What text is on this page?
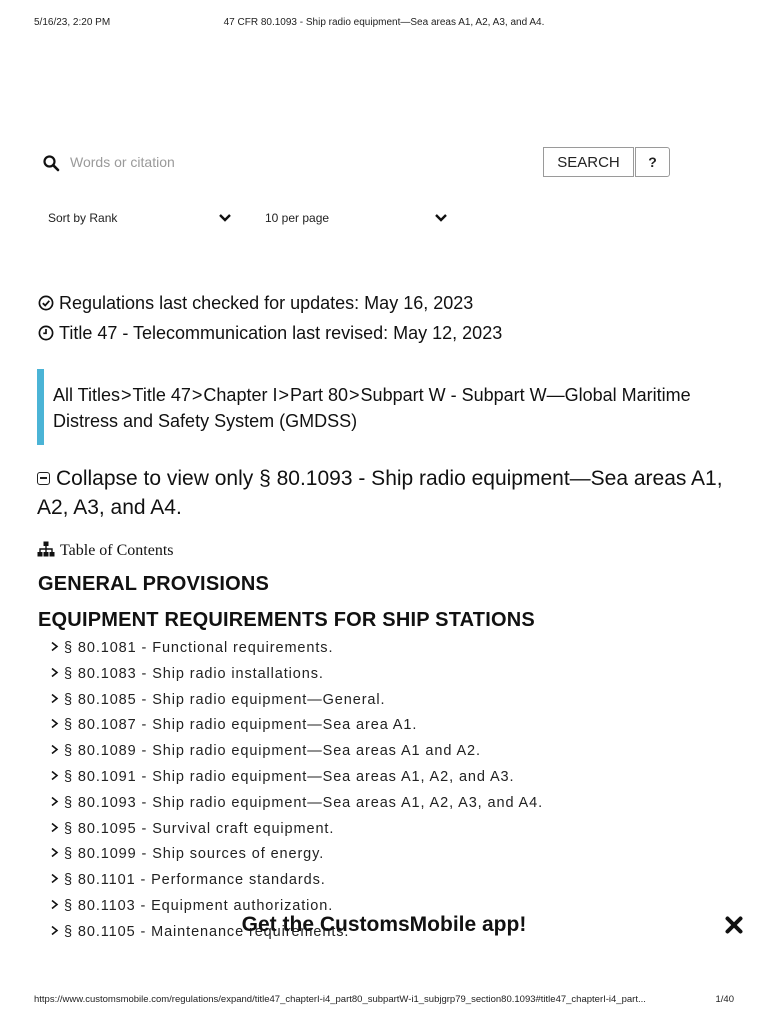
5/16/23, 2:20 PM	47 CFR 80.1093 - Ship radio equipment—Sea areas A1, A2, A3, and A4.
Words or citation
SEARCH	?
Sort by Rank	10 per page
Regulations last checked for updates: May 16, 2023
Title 47 - Telecommunication last revised: May 12, 2023
All Titles>Title 47>Chapter I>Part 80>Subpart W - Subpart W—Global Maritime Distress and Safety System (GMDSS)
Collapse to view only § 80.1093 - Ship radio equipment—Sea areas A1, A2, A3, and A4.
Table of Contents
GENERAL PROVISIONS
EQUIPMENT REQUIREMENTS FOR SHIP STATIONS
§ 80.1081 - Functional requirements.
§ 80.1083 - Ship radio installations.
§ 80.1085 - Ship radio equipment—General.
§ 80.1087 - Ship radio equipment—Sea area A1.
§ 80.1089 - Ship radio equipment—Sea areas A1 and A2.
§ 80.1091 - Ship radio equipment—Sea areas A1, A2, and A3.
§ 80.1093 - Ship radio equipment—Sea areas A1, A2, A3, and A4.
§ 80.1095 - Survival craft equipment.
§ 80.1099 - Ship sources of energy.
§ 80.1101 - Performance standards.
§ 80.1103 - Equipment authorization.
§ 80.1105 - Maintenance requirements.
Get the CustomsMobile app!
https://www.customsmobile.com/regulations/expand/title47_chapterI-i4_part80_subpartW-i1_subjgrp79_section80.1093#title47_chapterI-i4_part...	1/40
